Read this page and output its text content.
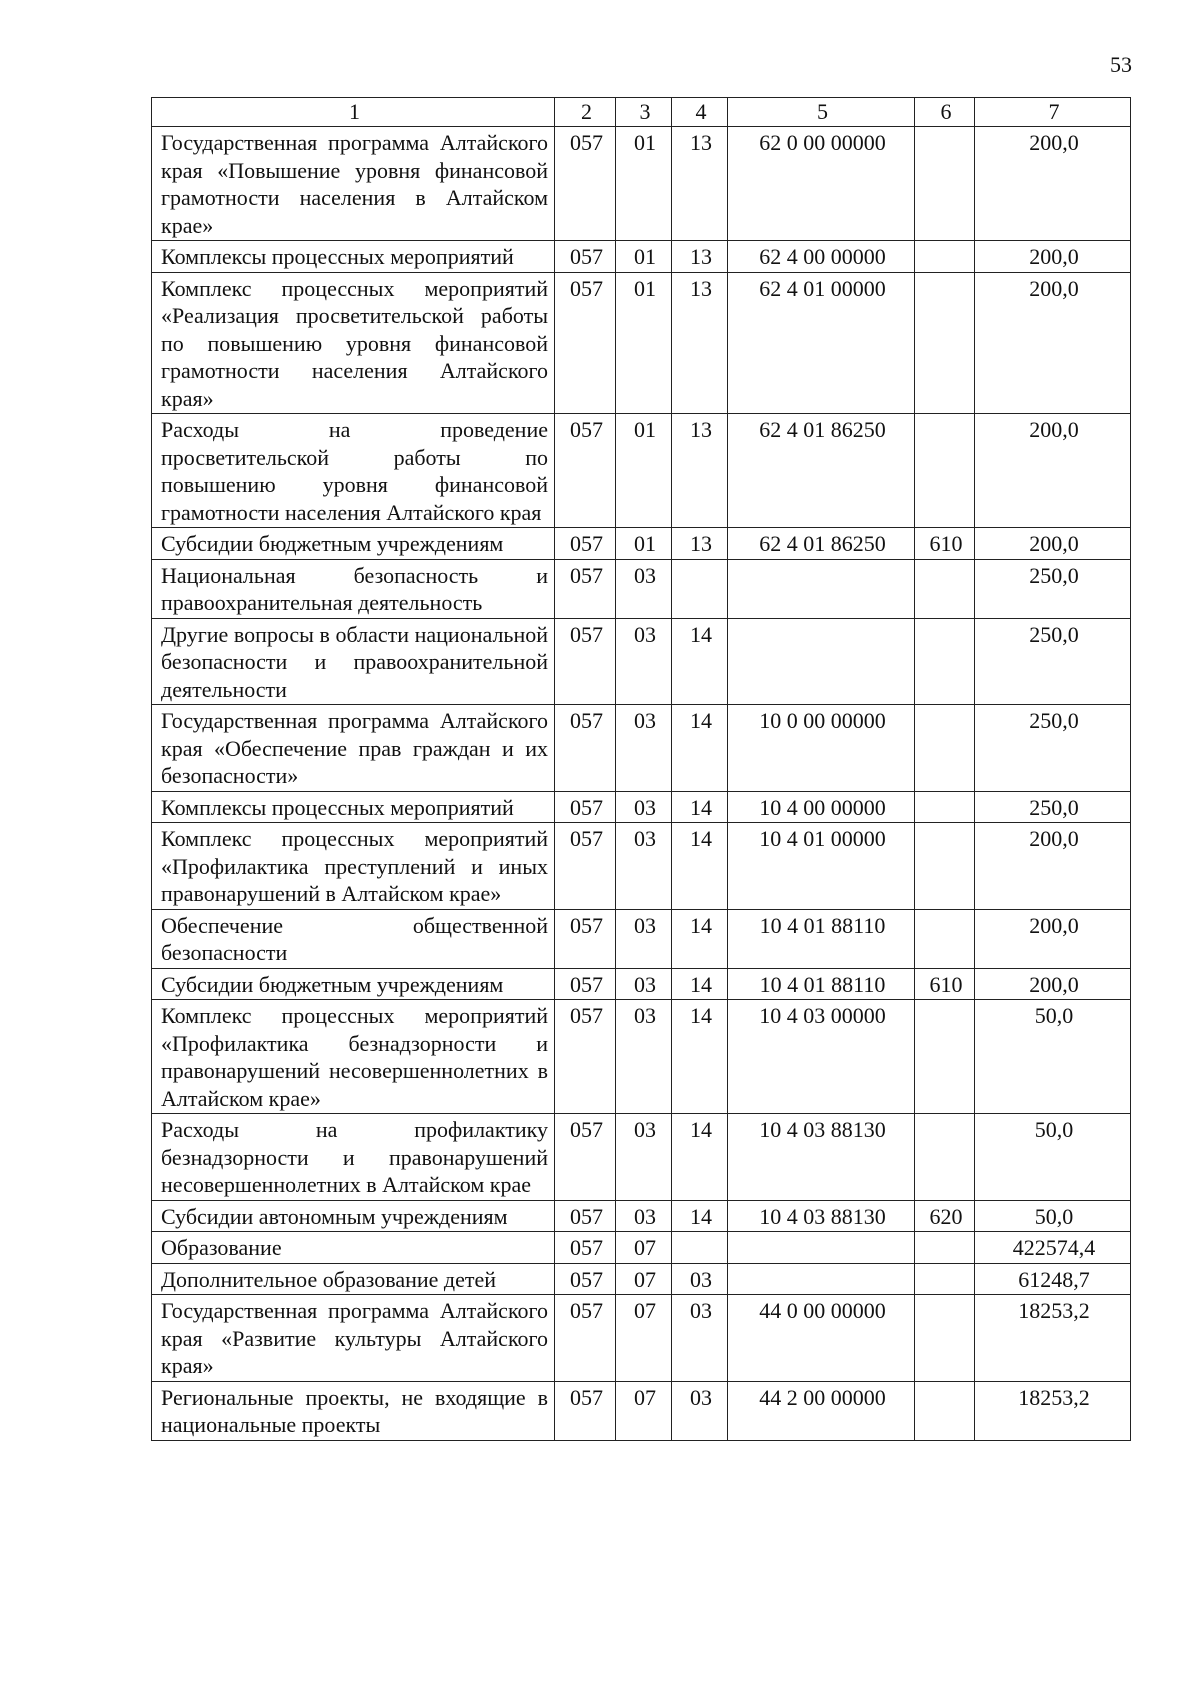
53
1	2	3	4	5	6	7
Государственная программа Алтайского края «Повышение уровня финансовой грамотности населения в Алтайском крае»	057	01	13	62 0 00 00000		200,0
Комплексы процессных мероприятий	057	01	13	62 4 00 00000		200,0
Комплекс процессных мероприятий «Реализация просветительской работы по повышению уровня финансовой грамотности населения Алтайского края»	057	01	13	62 4 01 00000		200,0
Расходы на проведение просветительской работы по повышению уровня финансовой грамотности населения Алтайского края	057	01	13	62 4 01 86250		200,0
Субсидии бюджетным учреждениям	057	01	13	62 4 01 86250	610	200,0
Национальная безопасность и правоохранительная деятельность	057	03				250,0
Другие вопросы в области национальной безопасности и правоохранительной деятельности	057	03	14			250,0
Государственная программа Алтайского края «Обеспечение прав граждан и их безопасности»	057	03	14	10 0 00 00000		250,0
Комплексы процессных мероприятий	057	03	14	10 4 00 00000		250,0
Комплекс процессных мероприятий «Профилактика преступлений и иных правонарушений в Алтайском крае»	057	03	14	10 4 01 00000		200,0
Обеспечение общественной безопасности	057	03	14	10 4 01 88110		200,0
Субсидии бюджетным учреждениям	057	03	14	10 4 01 88110	610	200,0
Комплекс процессных мероприятий «Профилактика безнадзорности и правонарушений несовершеннолетних в Алтайском крае»	057	03	14	10 4 03 00000		50,0
Расходы на профилактику безнадзорности и правонарушений несовершеннолетних в Алтайском крае	057	03	14	10 4 03 88130		50,0
Субсидии автономным учреждениям	057	03	14	10 4 03 88130	620	50,0
Образование	057	07				422574,4
Дополнительное образование детей	057	07	03			61248,7
Государственная программа Алтайского края «Развитие культуры Алтайского края»	057	07	03	44 0 00 00000		18253,2
Региональные проекты, не входящие в национальные проекты	057	07	03	44 2 00 00000		18253,2
